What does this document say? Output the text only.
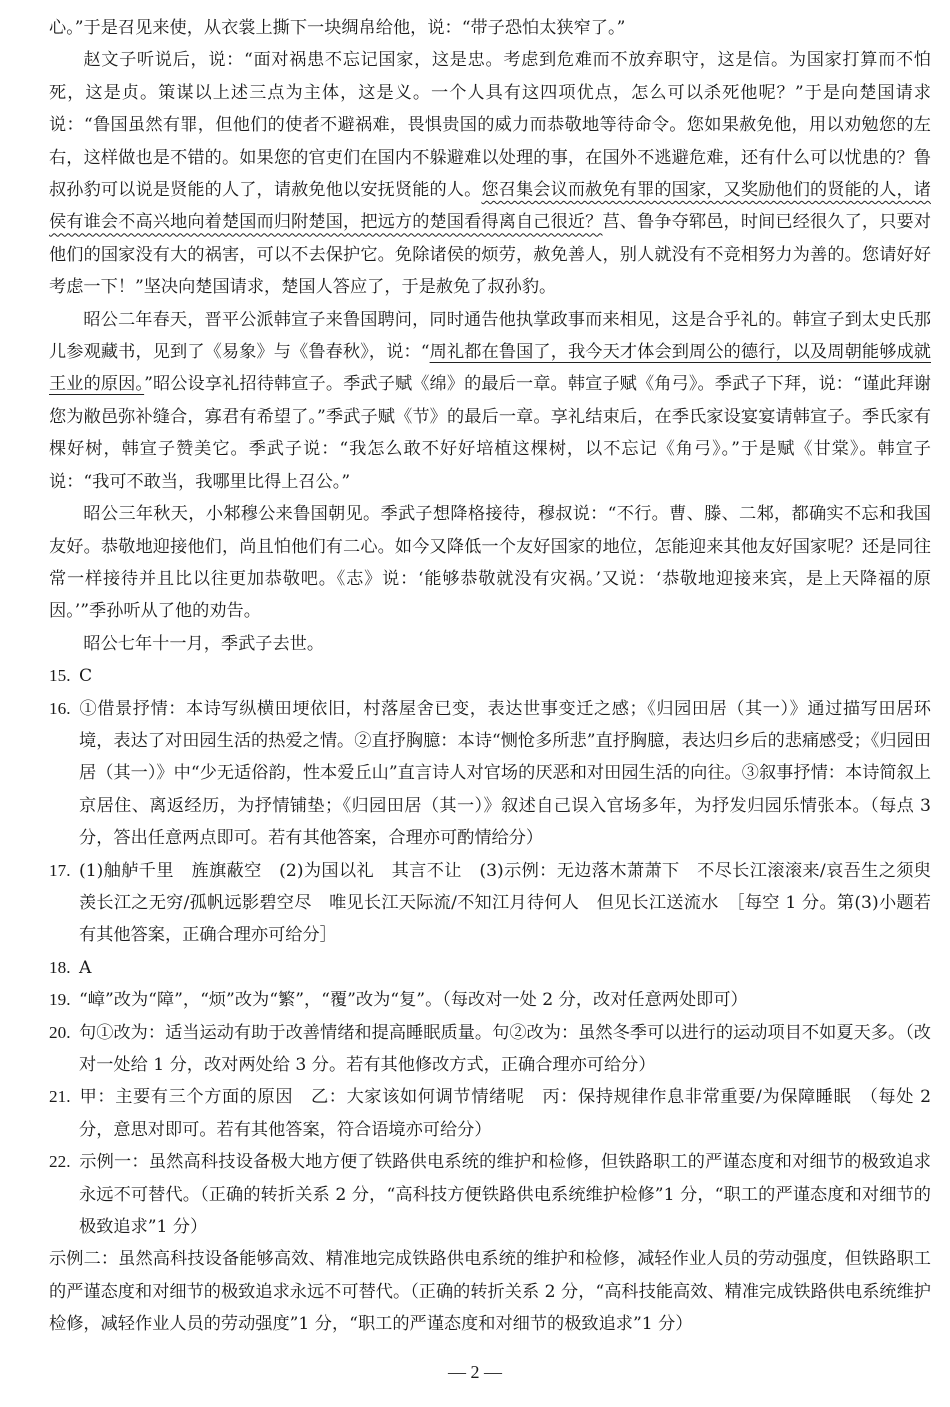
心。”于是召见来使，从衣裳上撕下一块绸帛给他，说：“带子恐怕太狭窄了。”

赵文子听说后，说：“面对祸患不忘记国家，这是忠。考虑到危难而不放弃职守，这是信。为国家打算而不怕死，这是贞。策谋以上述三点为主体，这是义。一个人具有这四项优点，怎么可以杀死他呢？”于是向楚国请求说：“鲁国虽然有罪，但他们的使者不避祸难，畏惧贵国的威力而恭敬地等待命令。您如果赦免他，用以劝勉您的左右，这样做也是不错的。如果您的官吏们在国内不躲避难以处理的事，在国外不逃避危难，还有什么可以忧患的？鲁叔孙豹可以说是贤能的人了，请赦免他以安抚贤能的人。您召集会议而赦免有罪的国家，又奖励他们的贤能的人，诸侯有谁会不高兴地向着楚国而归附楚国，把远方的楚国看得离自己很近？莒、鲁争夺郓邑，时间已经很久了，只要对他们的国家没有大的祸害，可以不去保护它。免除诸侯的烦劳，赦免善人，别人就没有不竞相努力为善的。您请好好考虑一下！”坚决向楚国请求，楚国人答应了，于是赦免了叔孙豹。

昭公二年春天，晋平公派韩宣子来鲁国聘问，同时通告他执掌政事而来相见，这是合乎礼的。韩宣子到太史氏那儿参观藏书，见到了《易象》与《鲁春秋》，说：“周礼都在鲁国了，我今天才体会到周公的德行，以及周朝能够成就王业的原因。”昭公设享礼招待韩宣子。季武子赋《绵》的最后一章。韩宣子赋《角弓》。季武子下拜，说：“谨此拜谢您为敝邑弥补缝合，寡君有希望了。”季武子赋《节》的最后一章。享礼结束后，在季氏家设宴宴请韩宣子。季氏家有棵好树，韩宣子赞美它。季武子说：“我怎么敢不好好培植这棵树，以不忘记《角弓》。”于是赋《甘棠》。韩宣子说：“我可不敢当，我哪里比得上召公。”

昭公三年秋天，小邾穆公来鲁国朝见。季武子想降格接待，穆叔说：“不行。曹、滕、二邾，都确实不忘和我国友好。恭敬地迎接他们，尚且怕他们有二心。如今又降低一个友好国家的地位，怎能迎来其他友好国家呢？还是同往常一样接待并且比以往更加恭敬吧。《志》说：‘能够恭敬就没有灾祸。’又说：‘恭敬地迎接来宾，是上天降福的原因。’”季孙听从了他的劝告。

昭公七年十一月，季武子去世。

15. C

16. ①借景抒情：本诗写纵横田埂依旧，村落屋舍已变，表达世事变迁之感；《归园田居（其一）》通过描写田居环境，表达了对田园生活的热爱之情。②直抒胸臆：本诗“恻怆多所悲”直抒胸臆，表达归乡后的悲痛感受；《归园田居（其一）》中“少无适俗韵，性本爱丘山”直言诗人对官场的厌恶和对田园生活的向往。③叙事抒情：本诗简叙上京居住、离返经历，为抒情铺垫；《归园田居（其一）》叙述自己误入官场多年，为抒发归园乐情张本。（每点 3 分，答出任意两点即可。若有其他答案，合理亦可酌情给分）

17. (1)舳舻千里　旌旗蔽空　(2)为国以礼　其言不让　(3)示例：无边落木萧萧下　不尽长江滚滚来/哀吾生之须臾　羡长江之无穷/孤帆远影碧空尽　唯见长江天际流/不知江月待何人　但见长江送流水　［每空 1 分。第(3)小题若有其他答案，正确合理亦可给分］

18. A

19. “嶂”改为“障”，“烦”改为“繁”，“覆”改为“复”。（每改对一处 2 分，改对任意两处即可）

20. 句①改为：适当运动有助于改善情绪和提高睡眠质量。句②改为：虽然冬季可以进行的运动项目不如夏天多。（改对一处给 1 分，改对两处给 3 分。若有其他修改方式，正确合理亦可给分）

21. 甲：主要有三个方面的原因　乙：大家该如何调节情绪呢　丙：保持规律作息非常重要/为保障睡眠　（每处 2 分，意思对即可。若有其他答案，符合语境亦可给分）

22. 示例一：虽然高科技设备极大地方便了铁路供电系统的维护和检修，但铁路职工的严谨态度和对细节的极致追求永远不可替代。（正确的转折关系 2 分，“高科技方便铁路供电系统维护检修”1 分，“职工的严谨态度和对细节的极致追求”1 分）

示例二：虽然高科技设备能够高效、精准地完成铁路供电系统的维护和检修，减轻作业人员的劳动强度，但铁路职工的严谨态度和对细节的极致追求永远不可替代。（正确的转折关系 2 分，“高科技能高效、精准完成铁路供电系统维护检修，减轻作业人员的劳动强度”1 分，“职工的严谨态度和对细节的极致追求”1 分）

— 2 —
